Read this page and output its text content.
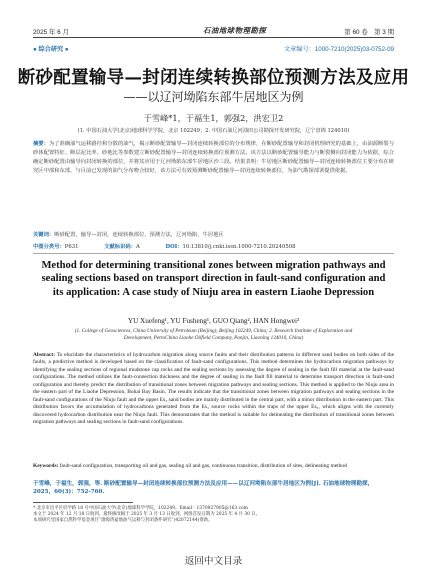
2025 年 6 月	石油地球物理勘探	第 60 卷　第 3 期
● 综合研究 ●	文章编号：1000-7210(2025)03-0752-09
断砂配置输导—封闭连续转换部位预测方法及应用
——以辽河坳陷东部牛居地区为例
于雪峰*1，于福生1，郭强2，洪宏卫2
(1. 中国石油大学(北京)地球科学学院，北京 102249；2. 中国石油辽河油田公司勘探开发研究院，辽宁盘锦 124010)
摘要：为了准确油气运移路径和分散的油气，揭示断砂配置输导—封闭连续转换部位的分布规律，在断砂配置输导和封闭机理研究的基础上，由油源断裂与砂体配置特征、断层泥比率、砂地比等参数建立断砂配置输导—封闭连续转换部位预测方法。该方法以断砂配置输导能力与断裂侧向封闭能力为依据，综合确定断砂配置由输导向封闭转换的部位，并将其应用于辽河坳陷东部牛居地区沙三段。结果表明：牛居地区断砂配置输导—封闭连续转换部位主要分布在研究区中部和东部，与目前已发现的油气分布吻合较好，该方法可有效预测断砂配置输导—封闭连续转换部位，为油气勘探部署提供依据。
关键词：断砂配置，输导—封闭，连续转换部位，预测方法，辽河坳陷，牛居地区
中图分类号：P631	文献标识码：A	DOI：10.13810/j.cnki.issn.1000-7210.20240508
Method for determining transitional zones between migration pathways and sealing sections based on transport direction in fault-sand configuration and its application: A case study of Niuju area in eastern Liaohe Depression
YU Xuefeng¹, YU Fusheng¹, GUO Qiang², HAN Hongwei²
(1. College of Geosciences, China University of Petroleum (Beijing), Beijing 102249, China; 2. Research Institute of Exploration and Development, PetroChina Liaohe Oilfield Company, Panjin, Liaoning 124010, China)
Abstract: To elucidate the characteristics of hydrocarbon migration along source faults and their distribution patterns in different sand bodies on both sides of the faults, a predictive method is developed based on the classification of fault-sand configurations. This method determines the hydrocarbon migration pathways by identifying the sealing sections of regional mudstone cap rocks and the sealing sections by assessing the degree of sealing in the fault fill material at the fault-sand configurations. The method utilizes the fault-connection thickness and the degree of sealing in the fault fill material to determine transport direction in fault-sand configuration and thereby predict the distribution of transitional zones between migration pathways and sealing sections. This method is applied to the Niuju area in the eastern part of the Liaohe Depression, Bohai Bay Basin. The results indicate that the transitional zones between migration pathways and sealing sections in the fault-sand configurations of the Niuju fault and the upper Es₃ sand bodies are mainly distributed in the central part, with a minor distribution in the eastern part. This distribution favors the accumulation of hydrocarbons generated from the Es₃ source rocks within the traps of the upper Es₃, which aligns with the currently discovered hydrocarbon distribution near the Niuju fault. This demonstrates that the method is suitable for delineating the distribution of transitional zones between migration pathways and sealing sections in fault-sand configurations.
Keywords: fault-sand configuration, transporting oil and gas, sealing oil and gas, continuous transition, distribution of sites, delineating method
于雪峰，于福生，郭强，等. 断砂配置输导—封闭连续转换部位预测方法及应用——以辽河坳陷东部牛居地区为例[J]. 石油地球物理勘探，2025，60(3)：752-760.
* 北京市昌平区府学路 18 号中国石油大学(北京)地球科学学院，102249。Email：1370927905@163.com
本文于 2024 年 12 月 18 日收到，最终修改稿于 2025 年 3 月 13 日收到，网络首发日期为 2025 年 4 月 30 日。
本项研究受国家自然科学基金项目“渤海湾盆地油气运移与封闭条件研究”(42072144)资助。
返回中文目录
